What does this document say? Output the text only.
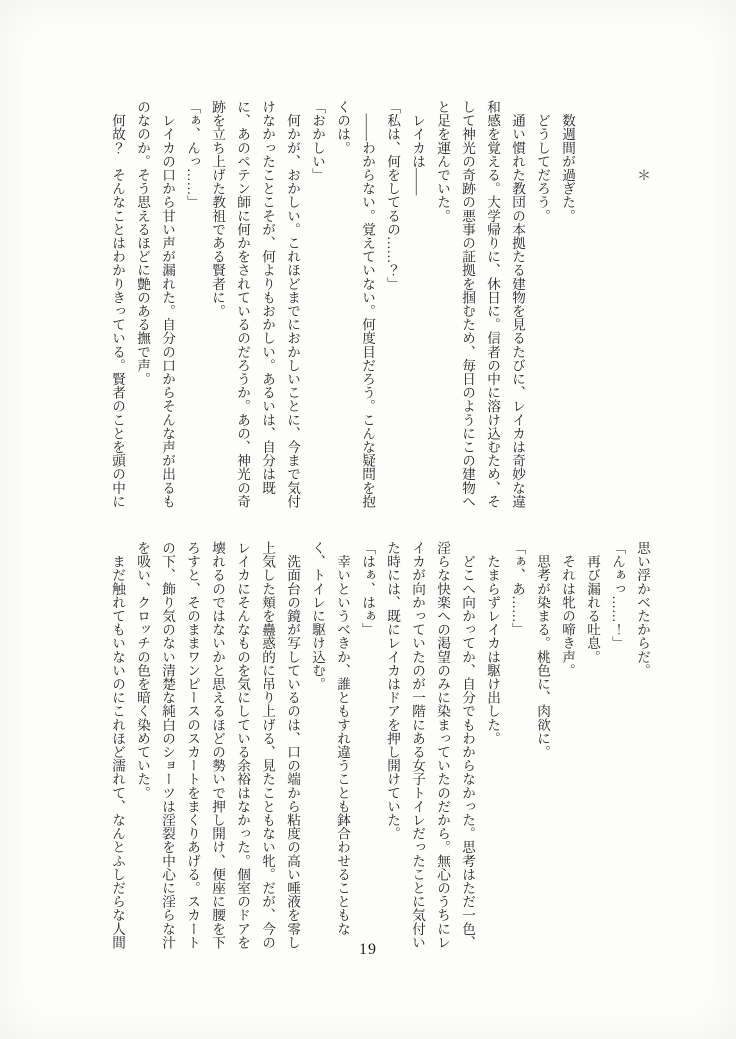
　　　　　＊

　数週間が過ぎた。

　どうしてだろう。

　通い慣れた教団の本拠たる建物を見るたびに、レイカは奇妙な違

和感を覚える。大学帰りに、休日に。信者の中に溶け込むため、そ

して神光の奇跡の悪事の証拠を掴むため、毎日のようにこの建物へ

と足を運んでいた。

　レイカは――

「私は、何をしてるの……？」

　――わからない。覚えていない。何度目だろう。こんな疑問を抱

くのは。

「おかしい」

　何かが、おかしい。これほどまでにおかしいことに、今まで気付

けなかったことこそが、何よりもおかしい。あるいは、自分は既

に、あのペテン師に何かをされているのだろうか。あの、神光の奇

跡を立ち上げた教祖である賢者に。

「ぁ、んっ……」

　レイカの口から甘い声が漏れた。自分の口からそんな声が出るも

のなのか。そう思えるほどに艶のある撫で声。

　何故？　そんなことはわかりきっている。賢者のことを頭の中に

思い浮かべたからだ。

「んぁっ……！」

　再び漏れる吐息。

　それは牝の啼き声。

　思考が染まる。桃色に、肉欲に。

「ぁ、あ……」

　たまらずレイカは駆け出した。

　どこへ向かってか、自分でもわからなかった。思考はただ一色、

淫らな快楽への渇望のみに染まっていたのだから。無心のうちにレ

イカが向かっていたのが一階にある女子トイレだったことに気付い

た時には、既にレイカはドアを押し開けていた。

「はぁ、はぁ」

　幸いというべきか、誰ともすれ違うことも鉢合わせることもな

く、トイレに駆け込む。

　洗面台の鏡が写しているのは、口の端から粘度の高い唾液を零し

上気した頬を蠱惑的に吊り上げる、見たこともない牝。だが、今の

レイカにそんなものを気にしている余裕はなかった。個室のドアを

壊れるのではないかと思えるほどの勢いで押し開け、便座に腰を下

ろすと、そのままワンピースのスカートをまくりあげる。スカート

の下、飾り気のない清楚な純白のショーツは淫裂を中心に淫らな汁

を吸い、クロッチの色を暗く染めていた。

　まだ触れてもいないのにこれほど濡れて、なんとふしだらな人間

19
